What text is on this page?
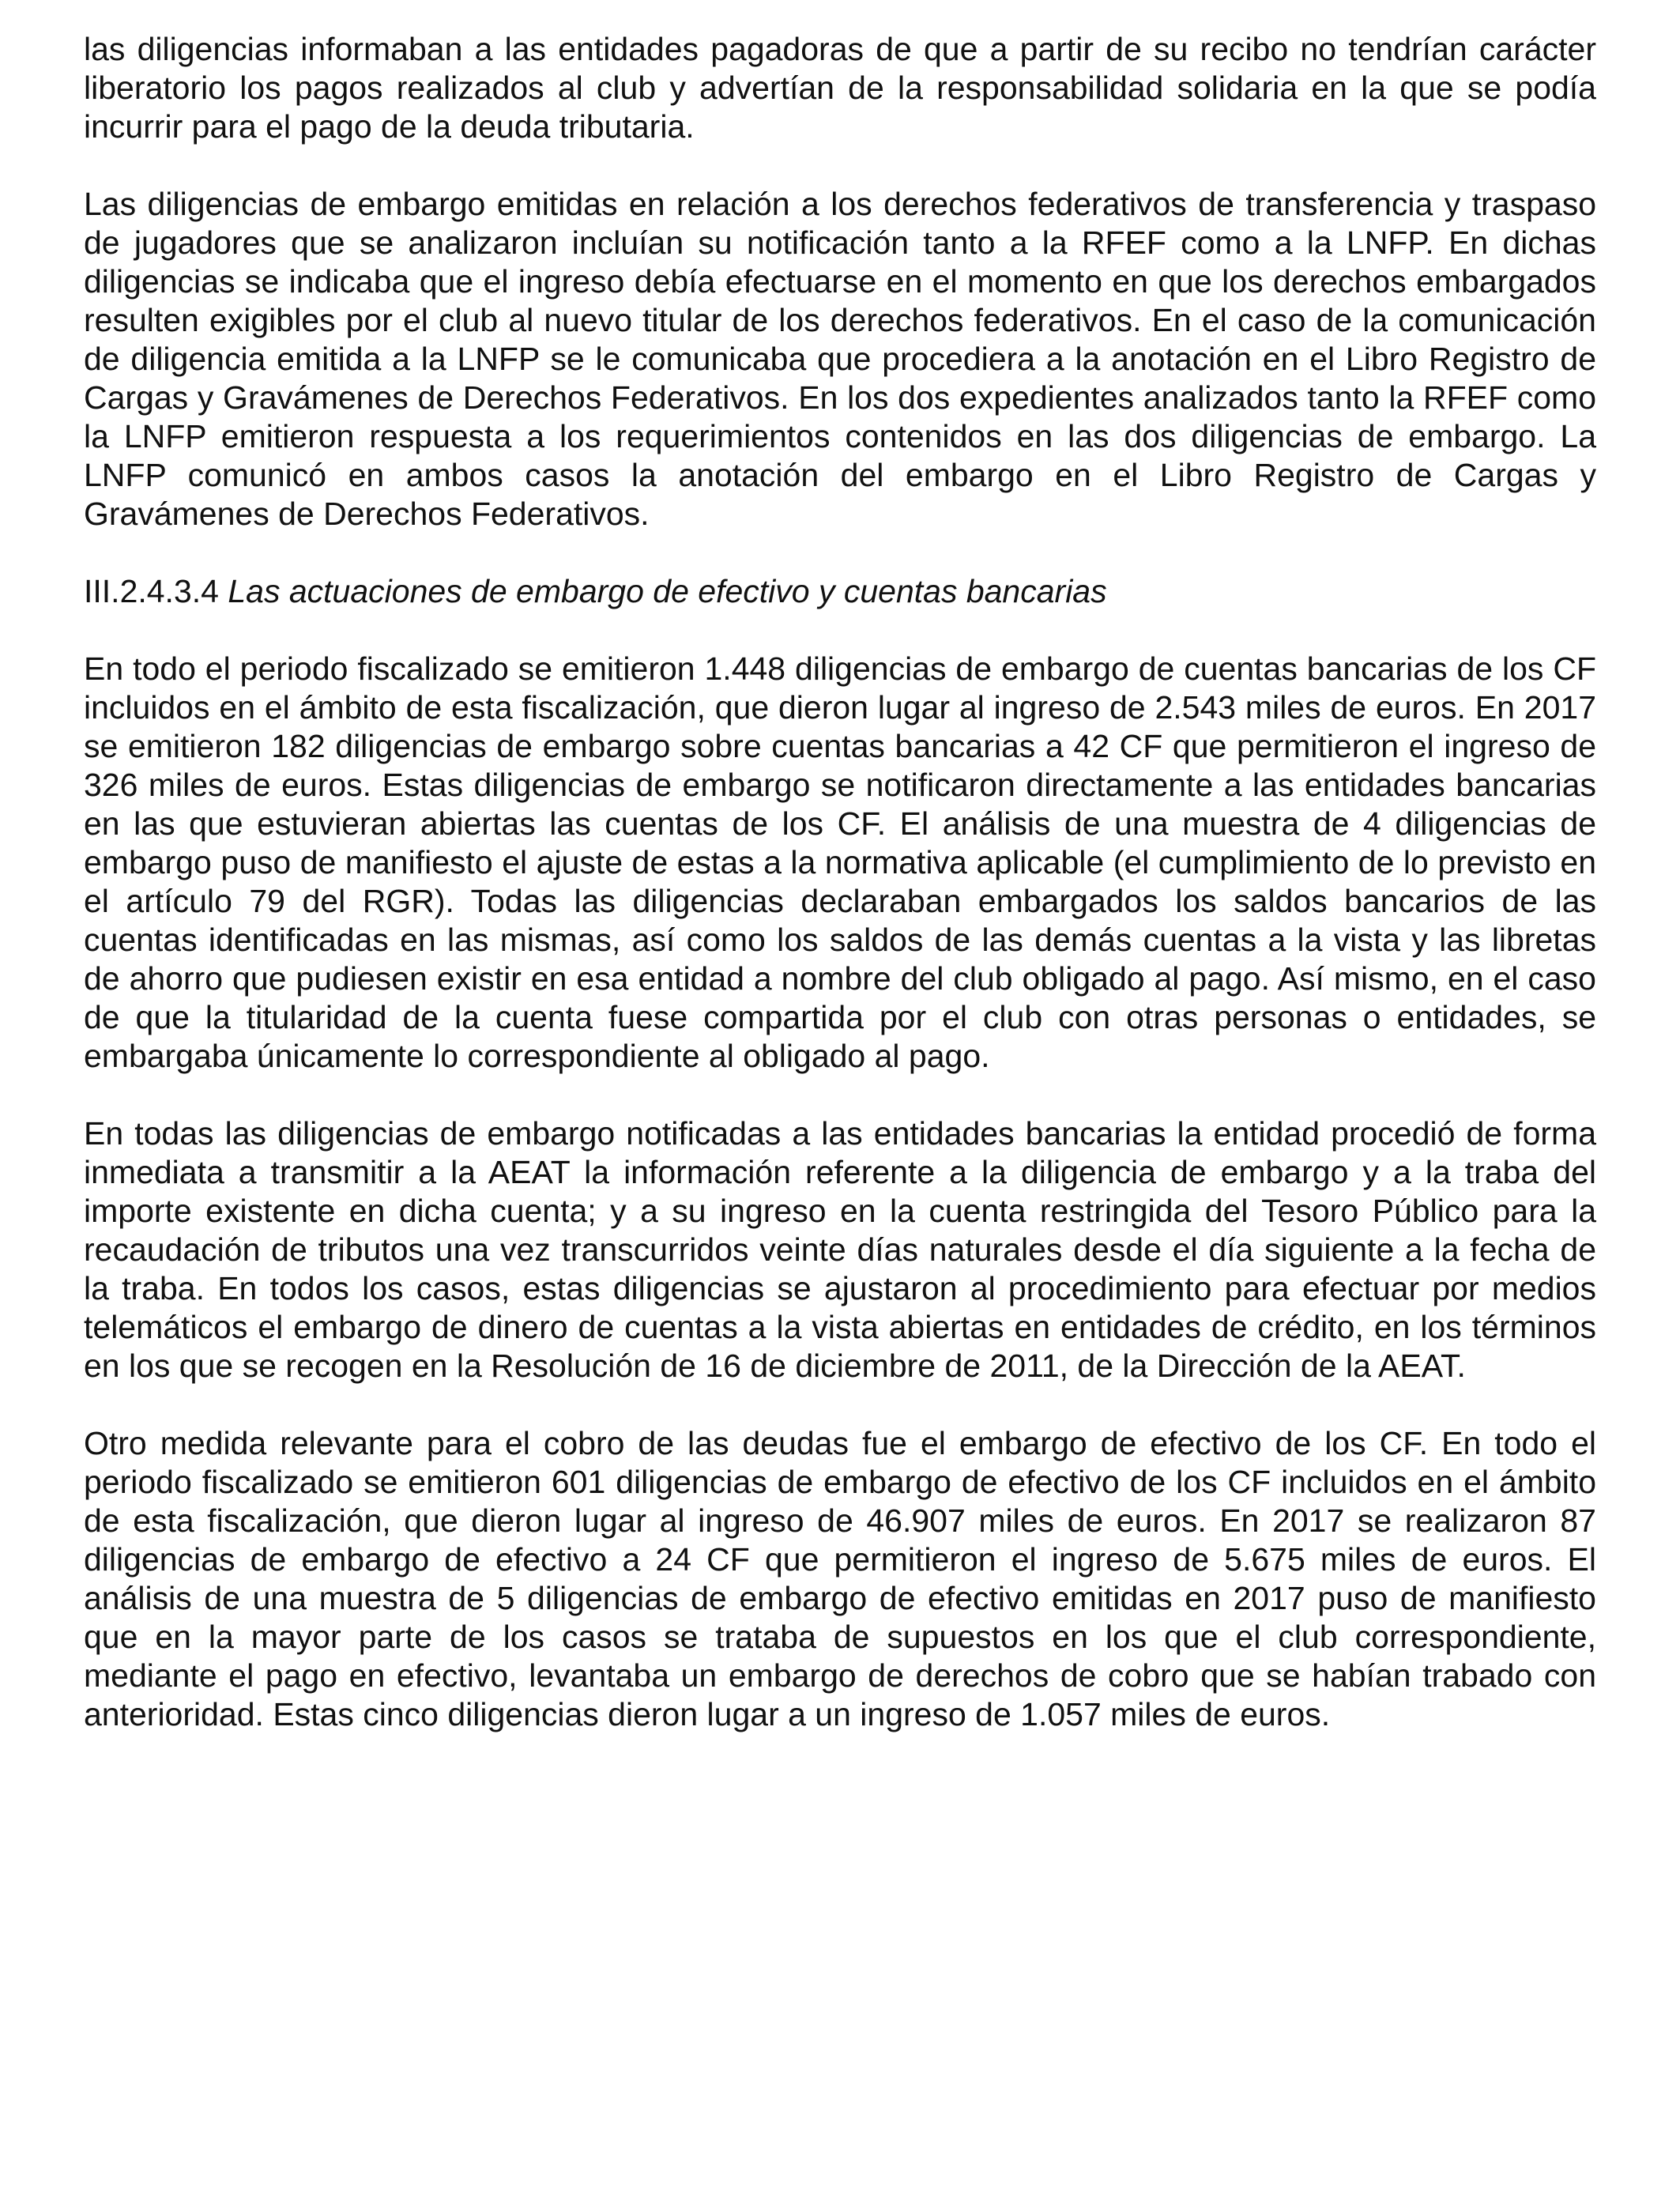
las diligencias informaban a las entidades pagadoras de que a partir de su recibo no tendrían carácter liberatorio los pagos realizados al club y advertían de la responsabilidad solidaria en la que se podía incurrir para el pago de la deuda tributaria.

Las diligencias de embargo emitidas en relación a los derechos federativos de transferencia y traspaso de jugadores que se analizaron incluían su notificación tanto a la RFEF como a la LNFP. En dichas diligencias se indicaba que el ingreso debía efectuarse en el momento en que los derechos embargados resulten exigibles por el club al nuevo titular de los derechos federativos. En el caso de la comunicación de diligencia emitida a la LNFP se le comunicaba que procediera a la anotación en el Libro Registro de Cargas y Gravámenes de Derechos Federativos. En los dos expedientes analizados tanto la RFEF como la LNFP emitieron respuesta a los requerimientos contenidos en las dos diligencias de embargo. La LNFP comunicó en ambos casos la anotación del embargo en el Libro Registro de Cargas y Gravámenes de Derechos Federativos.

III.2.4.3.4 Las actuaciones de embargo de efectivo y cuentas bancarias

En todo el periodo fiscalizado se emitieron 1.448 diligencias de embargo de cuentas bancarias de los CF incluidos en el ámbito de esta fiscalización, que dieron lugar al ingreso de 2.543 miles de euros. En 2017 se emitieron 182 diligencias de embargo sobre cuentas bancarias a 42 CF que permitieron el ingreso de 326 miles de euros. Estas diligencias de embargo se notificaron directamente a las entidades bancarias en las que estuvieran abiertas las cuentas de los CF. El análisis de una muestra de 4 diligencias de embargo puso de manifiesto el ajuste de estas a la normativa aplicable (el cumplimiento de lo previsto en el artículo 79 del RGR). Todas las diligencias declaraban embargados los saldos bancarios de las cuentas identificadas en las mismas, así como los saldos de las demás cuentas a la vista y las libretas de ahorro que pudiesen existir en esa entidad a nombre del club obligado al pago. Así mismo, en el caso de que la titularidad de la cuenta fuese compartida por el club con otras personas o entidades, se embargaba únicamente lo correspondiente al obligado al pago.

En todas las diligencias de embargo notificadas a las entidades bancarias la entidad procedió de forma inmediata a transmitir a la AEAT la información referente a la diligencia de embargo y a la traba del importe existente en dicha cuenta; y a su ingreso en la cuenta restringida del Tesoro Público para la recaudación de tributos una vez transcurridos veinte días naturales desde el día siguiente a la fecha de la traba. En todos los casos, estas diligencias se ajustaron al procedimiento para efectuar por medios telemáticos el embargo de dinero de cuentas a la vista abiertas en entidades de crédito, en los términos en los que se recogen en la Resolución de 16 de diciembre de 2011, de la Dirección de la AEAT.

Otro medida relevante para el cobro de las deudas fue el embargo de efectivo de los CF. En todo el periodo fiscalizado se emitieron 601 diligencias de embargo de efectivo de los CF incluidos en el ámbito de esta fiscalización, que dieron lugar al ingreso de 46.907 miles de euros. En 2017 se realizaron 87 diligencias de embargo de efectivo a 24 CF que permitieron el ingreso de 5.675 miles de euros. El análisis de una muestra de 5 diligencias de embargo de efectivo emitidas en 2017 puso de manifiesto que en la mayor parte de los casos se trataba de supuestos en los que el club correspondiente, mediante el pago en efectivo, levantaba un embargo de derechos de cobro que se habían trabado con anterioridad. Estas cinco diligencias dieron lugar a un ingreso de 1.057 miles de euros.
